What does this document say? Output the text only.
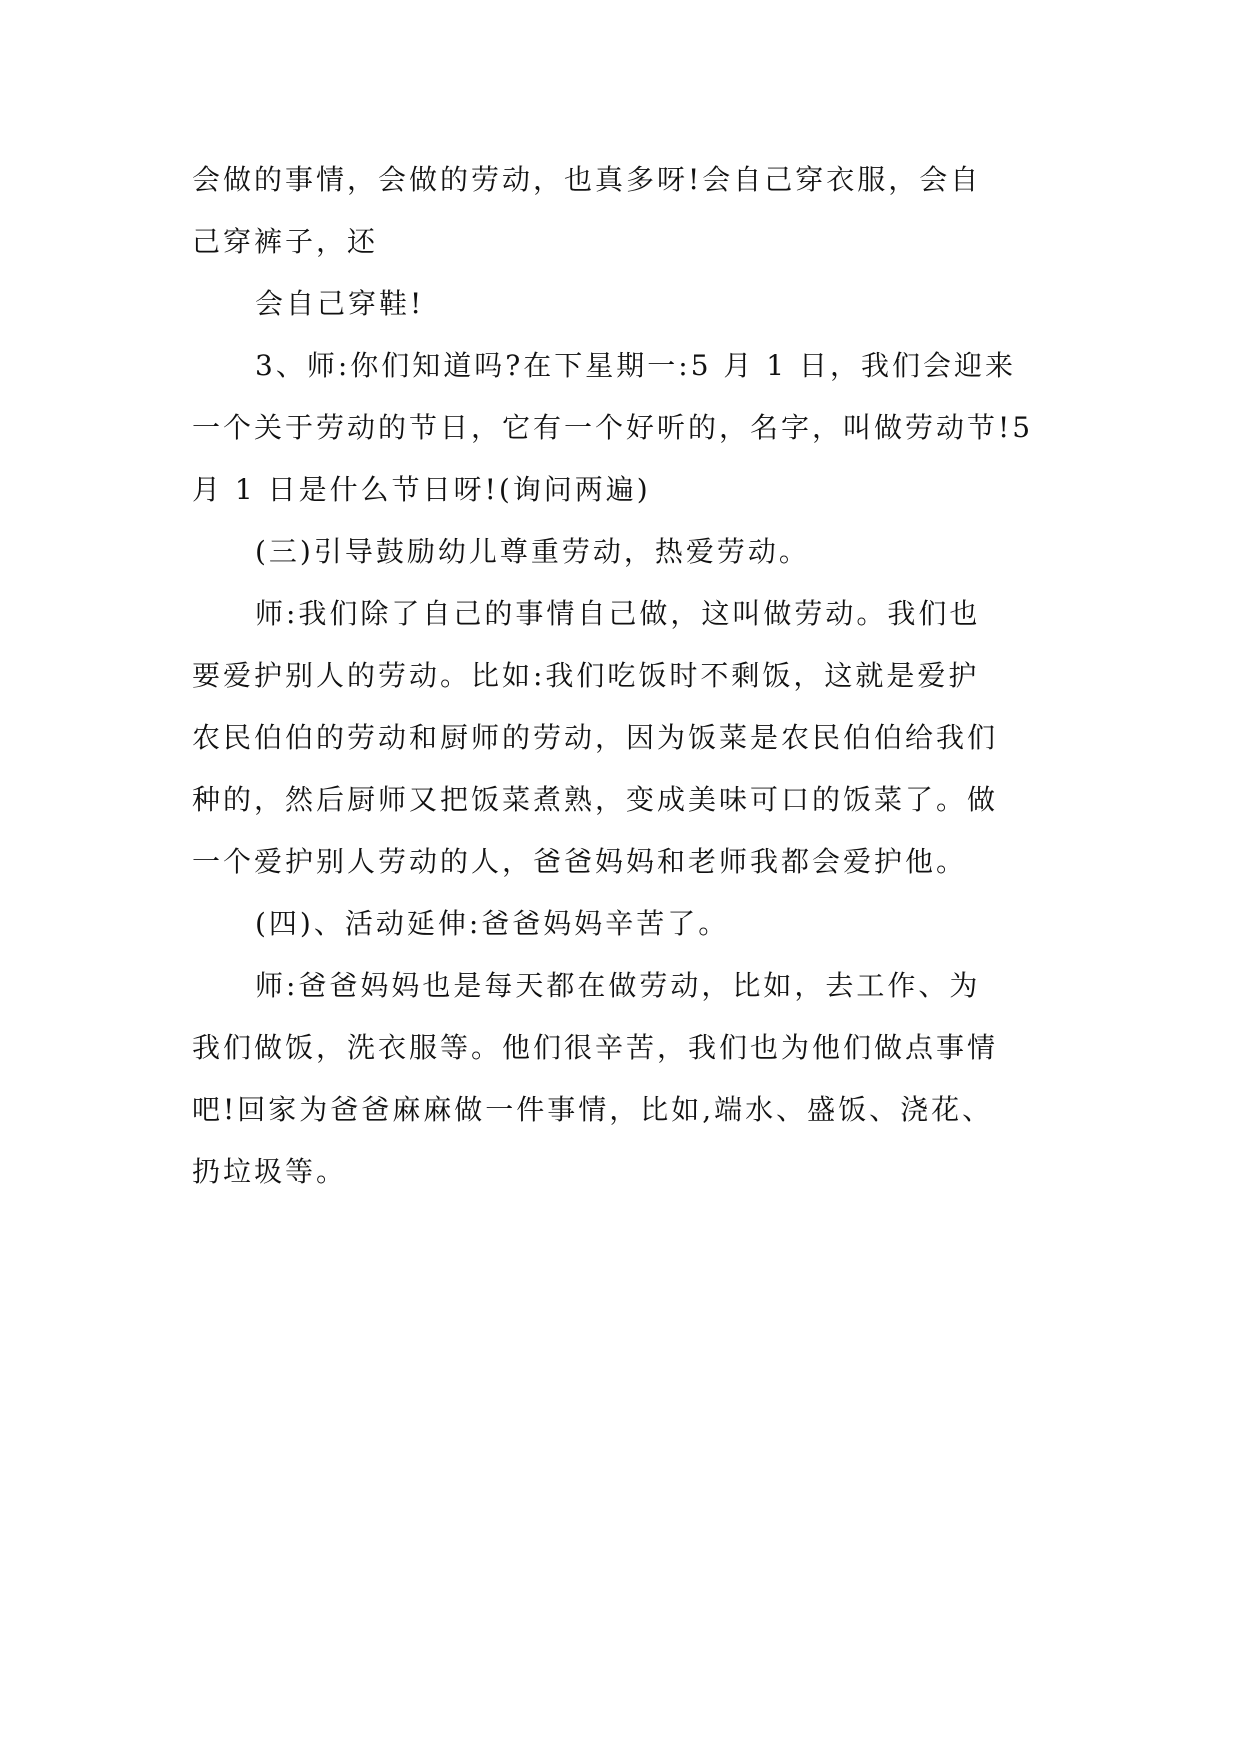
会做的事情，会做的劳动，也真多呀!会自己穿衣服，会自
己穿裤子，还
会自己穿鞋!
3、师:你们知道吗?在下星期一:5 月 1 日，我们会迎来
一个关于劳动的节日，它有一个好听的，名字，叫做劳动节!5
月 1 日是什么节日呀!(询问两遍)
(三)引导鼓励幼儿尊重劳动，热爱劳动。
师:我们除了自己的事情自己做，这叫做劳动。我们也
要爱护别人的劳动。比如:我们吃饭时不剩饭，这就是爱护
农民伯伯的劳动和厨师的劳动，因为饭菜是农民伯伯给我们
种的，然后厨师又把饭菜煮熟，变成美味可口的饭菜了。做
一个爱护别人劳动的人，爸爸妈妈和老师我都会爱护他。
(四)、活动延伸:爸爸妈妈辛苦了。
师:爸爸妈妈也是每天都在做劳动，比如，去工作、为
我们做饭，洗衣服等。他们很辛苦，我们也为他们做点事情
吧!回家为爸爸麻麻做一件事情，比如,端水、盛饭、浇花、
扔垃圾等。
